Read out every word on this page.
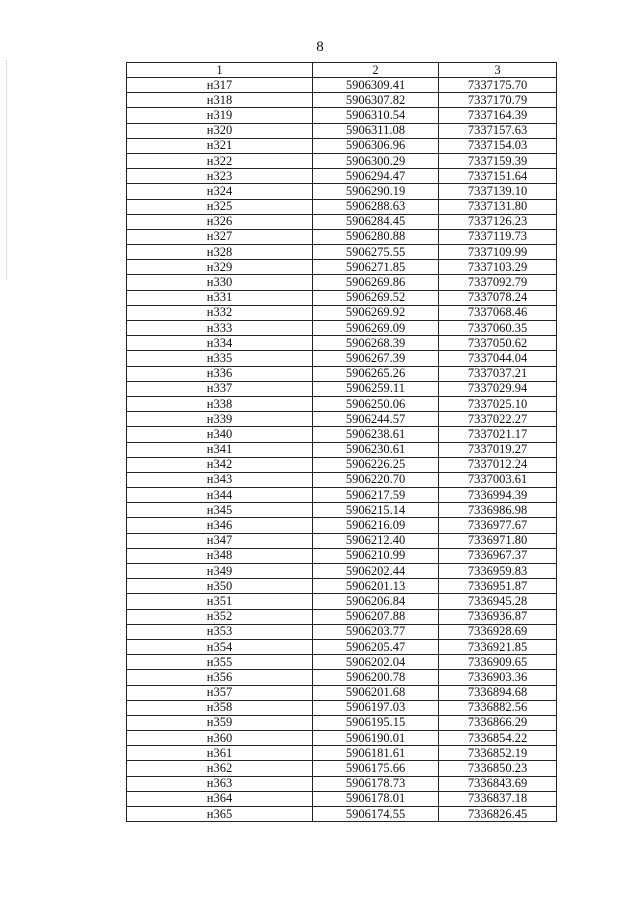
8
1	2	3
н317	5906309.41	7337175.70
н318	5906307.82	7337170.79
н319	5906310.54	7337164.39
н320	5906311.08	7337157.63
н321	5906306.96	7337154.03
н322	5906300.29	7337159.39
н323	5906294.47	7337151.64
н324	5906290.19	7337139.10
н325	5906288.63	7337131.80
н326	5906284.45	7337126.23
н327	5906280.88	7337119.73
н328	5906275.55	7337109.99
н329	5906271.85	7337103.29
н330	5906269.86	7337092.79
н331	5906269.52	7337078.24
н332	5906269.92	7337068.46
н333	5906269.09	7337060.35
н334	5906268.39	7337050.62
н335	5906267.39	7337044.04
н336	5906265.26	7337037.21
н337	5906259.11	7337029.94
н338	5906250.06	7337025.10
н339	5906244.57	7337022.27
н340	5906238.61	7337021.17
н341	5906230.61	7337019.27
н342	5906226.25	7337012.24
н343	5906220.70	7337003.61
н344	5906217.59	7336994.39
н345	5906215.14	7336986.98
н346	5906216.09	7336977.67
н347	5906212.40	7336971.80
н348	5906210.99	7336967.37
н349	5906202.44	7336959.83
н350	5906201.13	7336951.87
н351	5906206.84	7336945.28
н352	5906207.88	7336936.87
н353	5906203.77	7336928.69
н354	5906205.47	7336921.85
н355	5906202.04	7336909.65
н356	5906200.78	7336903.36
н357	5906201.68	7336894.68
н358	5906197.03	7336882.56
н359	5906195.15	7336866.29
н360	5906190.01	7336854.22
н361	5906181.61	7336852.19
н362	5906175.66	7336850.23
н363	5906178.73	7336843.69
н364	5906178.01	7336837.18
н365	5906174.55	7336826.45
